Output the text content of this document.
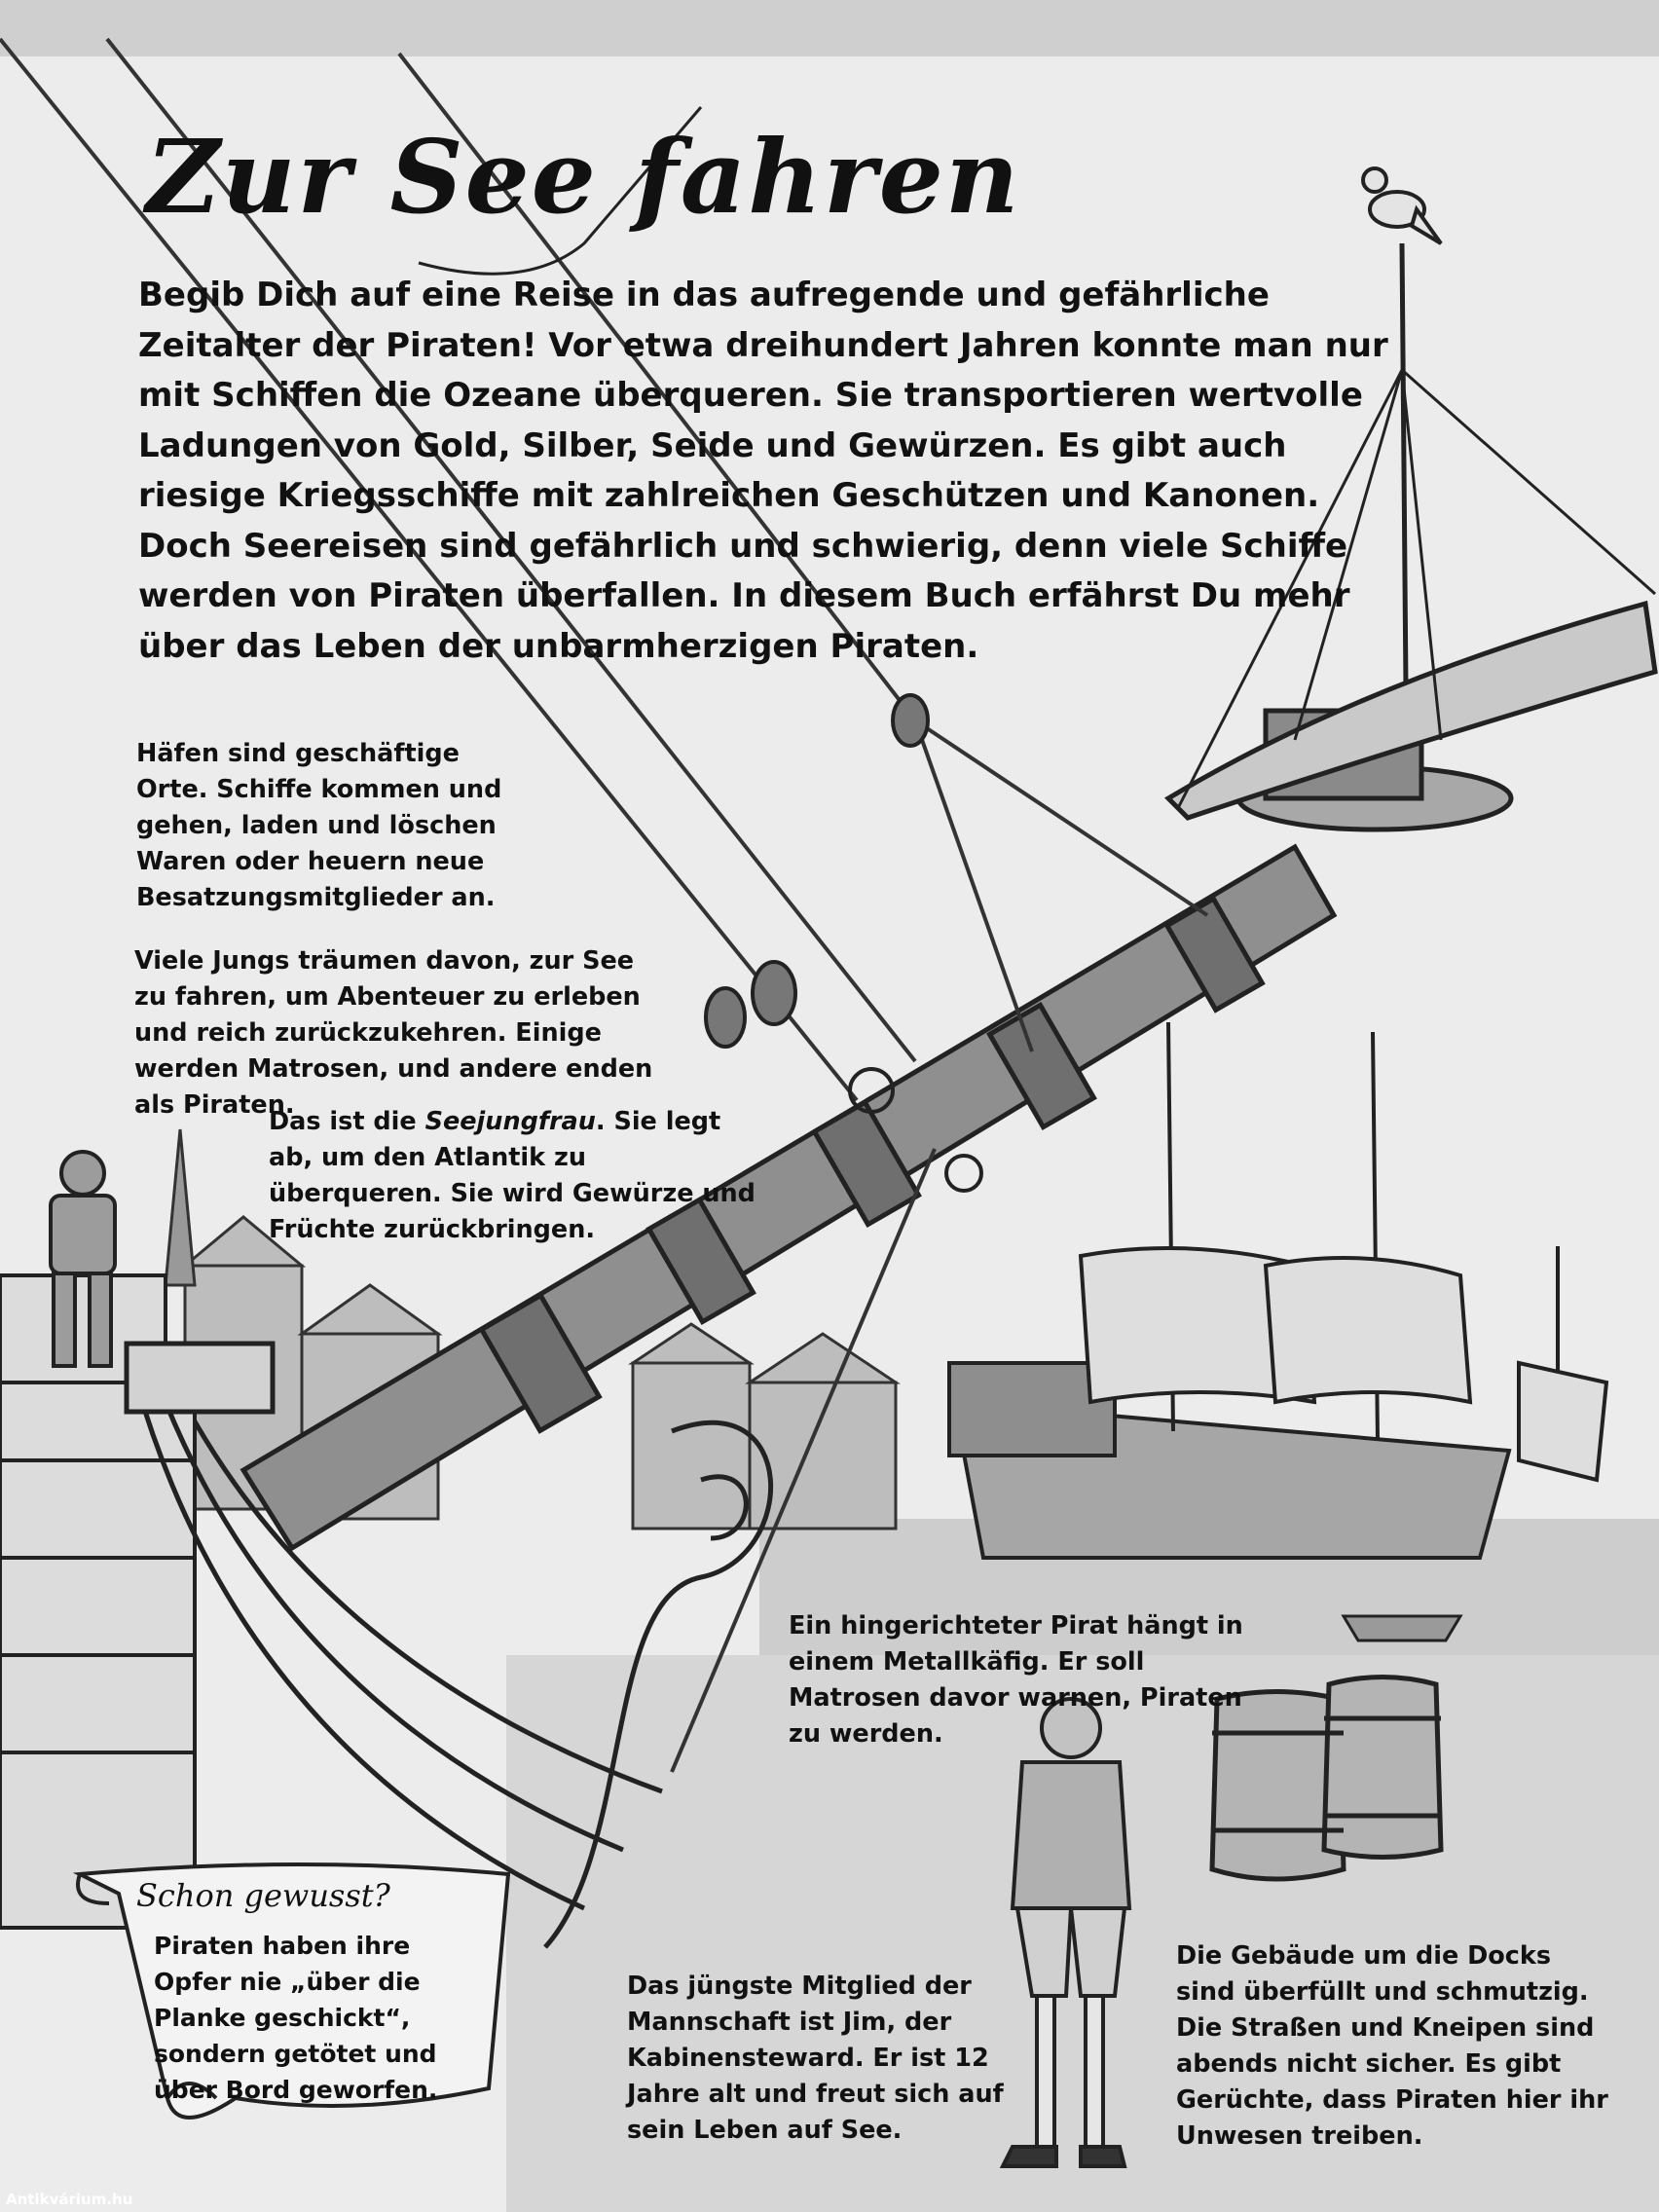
Zur See fahren

Begib Dich auf eine Reise in das aufregende und gefährliche Zeitalter der Piraten! Vor etwa dreihundert Jahren konnte man nur mit Schiffen die Ozeane überqueren. Sie transportieren wertvolle Ladungen von Gold, Silber, Seide und Gewürzen. Es gibt auch riesige Kriegsschiffe mit zahlreichen Geschützen und Kanonen. Doch Seereisen sind gefährlich und schwierig, denn viele Schiffe werden von Piraten überfallen. In diesem Buch erfährst Du mehr über das Leben der unbarmherzigen Piraten.

Häfen sind geschäftige Orte. Schiffe kommen und gehen, laden und löschen Waren oder heuern neue Besatzungsmitglieder an.

Viele Jungs träumen davon, zur See zu fahren, um Abenteuer zu erleben und reich zurückzukehren. Einige werden Matrosen, und andere enden als Piraten.

Das ist die Seejungfrau. Sie legt ab, um den Atlantik zu überqueren. Sie wird Gewürze und Früchte zurückbringen.

Ein hingerichteter Pirat hängt in einem Metallkäfig. Er soll Matrosen davor warnen, Piraten zu werden.

Das jüngste Mitglied der Mannschaft ist Jim, der Kabinensteward. Er ist 12 Jahre alt und freut sich auf sein Leben auf See.

Die Gebäude um die Docks sind überfüllt und schmutzig. Die Straßen und Kneipen sind abends nicht sicher. Es gibt Gerüchte, dass Piraten hier ihr Unwesen treiben.

Schon gewusst?

Piraten haben ihre Opfer nie „über die Planke geschickt“, sondern getötet und über Bord geworfen.

Antikvárium.hu
